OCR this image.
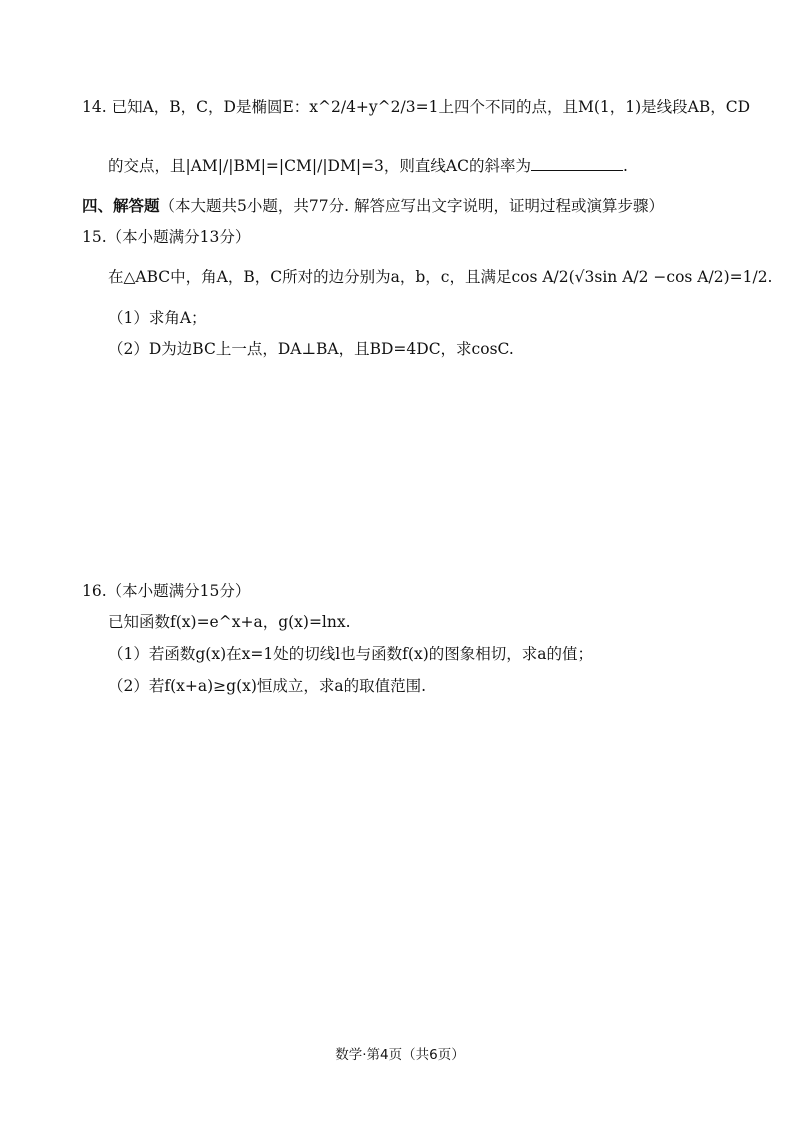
14. 已知A，B，C，D是椭圆E：x^2/4+y^2/3=1上四个不同的点，且M(1，1)是线段AB，CD
的交点，且|AM|/|BM|=|CM|/|DM|=3，则直线AC的斜率为	.
四、解答题（本大题共5小题，共77分. 解答应写出文字说明，证明过程或演算步骤）
15.（本小题满分13分）
在△ABC中，角A，B，C所对的边分别为a，b，c，且满足cos A/2(√3sin A/2 −cos A/2)=1/2.
（1）求角A；
（2）D为边BC上一点，DA⊥BA，且BD=4DC，求cosC.
16.（本小题满分15分）
已知函数f(x)=e^x+a，g(x)=lnx.
（1）若函数g(x)在x=1处的切线l也与函数f(x)的图象相切，求a的值；
（2）若f(x+a)≥g(x)恒成立，求a的取值范围.
数学·第4页（共6页）
